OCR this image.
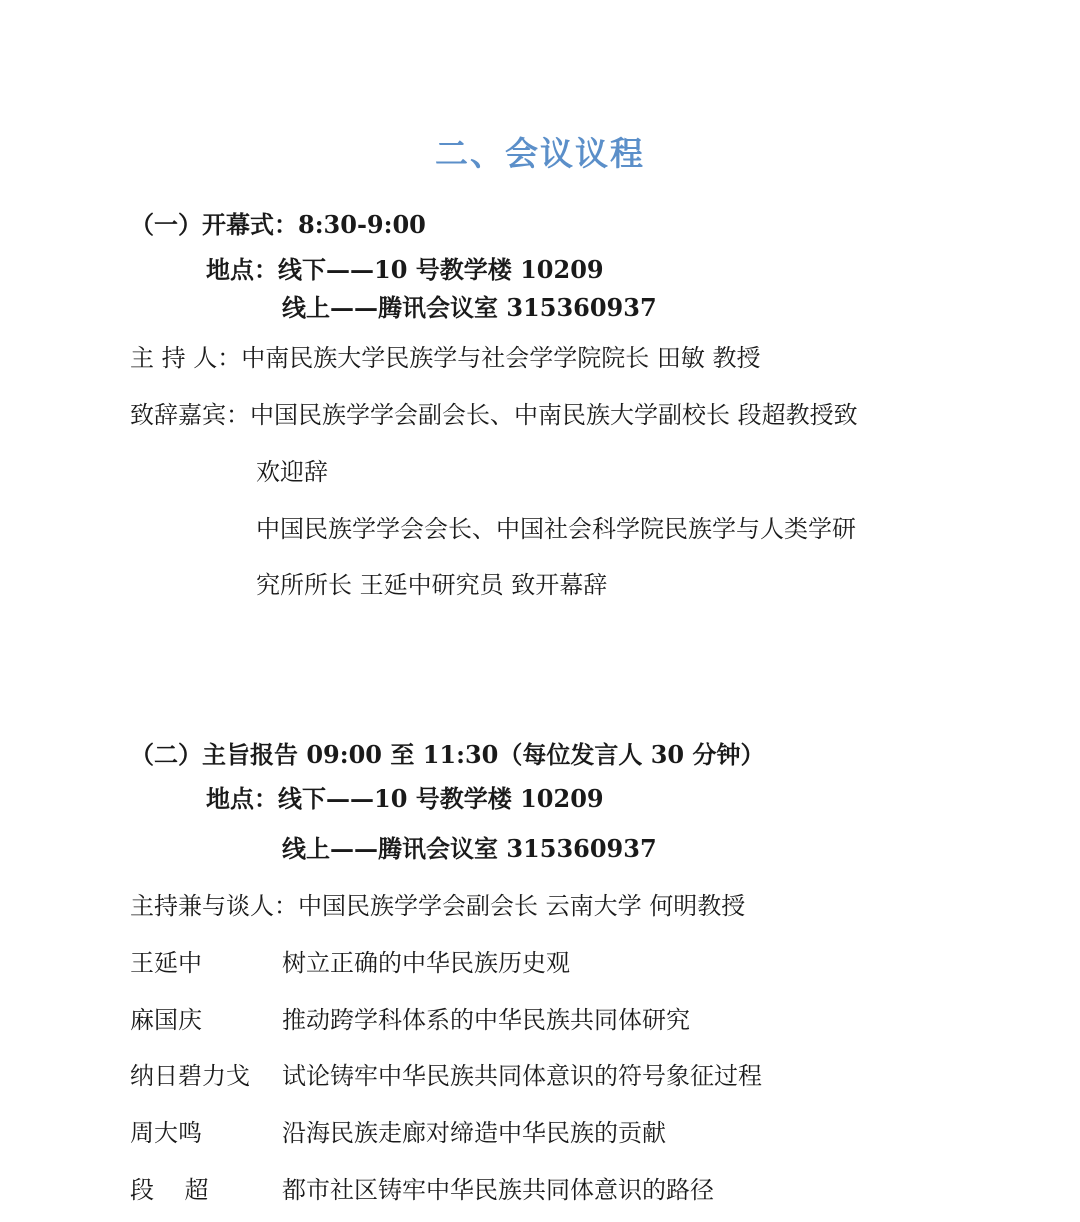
二、会议议程
（一）开幕式：8:30-9:00
地点：线下——10 号教学楼 10209
线上——腾讯会议室 315360937
主 持 人：中南民族大学民族学与社会学学院院长 田敏 教授
致辞嘉宾：中国民族学学会副会长、中南民族大学副校长 段超教授致
欢迎辞
中国民族学学会会长、中国社会科学院民族学与人类学研
究所所长 王延中研究员 致开幕辞
（二）主旨报告 09:00 至 11:30（每位发言人 30 分钟）
地点：线下——10 号教学楼 10209
线上——腾讯会议室 315360937
主持兼与谈人：中国民族学学会副会长 云南大学 何明教授
王延中	树立正确的中华民族历史观
麻国庆	推动跨学科体系的中华民族共同体研究
纳日碧力戈 试论铸牢中华民族共同体意识的符号象征过程
周大鸣	沿海民族走廊对缔造中华民族的贡献
段    超	都市社区铸牢中华民族共同体意识的路径
